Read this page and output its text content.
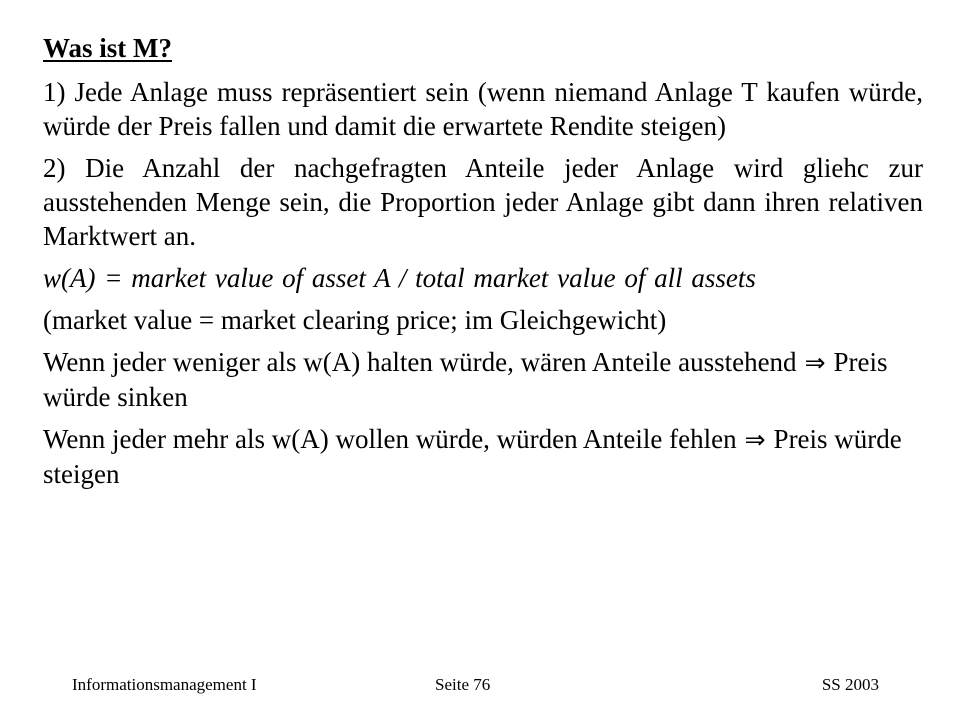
Was ist M?

1) Jede Anlage muss repräsentiert sein (wenn niemand Anlage T kaufen würde, würde der Preis fallen und damit die erwartete Rendite steigen)

2) Die Anzahl der nachgefragten Anteile jeder Anlage wird gliehc zur ausstehenden Menge sein, die Proportion jeder Anlage gibt dann ihren relativen Marktwert an.

w(A) = market value of asset A / total market value of all assets

(market value = market clearing price; im Gleichgewicht)

Wenn jeder weniger als w(A) halten würde, wären Anteile ausstehend ⇒ Preis würde sinken

Wenn jeder mehr als w(A) wollen würde, würden Anteile fehlen ⇒ Preis würde steigen

Informationsmanagement I	Seite 76	SS 2003
